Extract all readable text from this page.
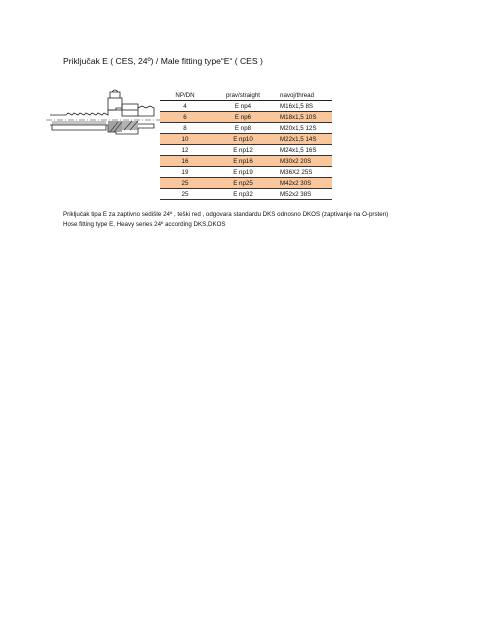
Priključak E ( CES, 24º) / Male fitting type“E“ ( CES )
NP/DN	prav/straight	navoj/thread
4	E np4	M16x1,5 8S
6	E np6	M18x1,5 10S
8	E np8	M20x1,5 12S
10	E np10	M22x1,5 14S
12	E np12	M24x1,5 16S
16	E np16	M30x2 20S
19	E np19	M36X2 25S
25	E np25	M42x2 30S
25	E np32	M52x2 38S
Priključak tipa E za zaptivno sedište 24º , teški red , odgovara standardu DKS odnosno DKOS (zaptivanje na O-prsten)
Hose fitting type E, Heavy series 24º according DKS,DKOS
